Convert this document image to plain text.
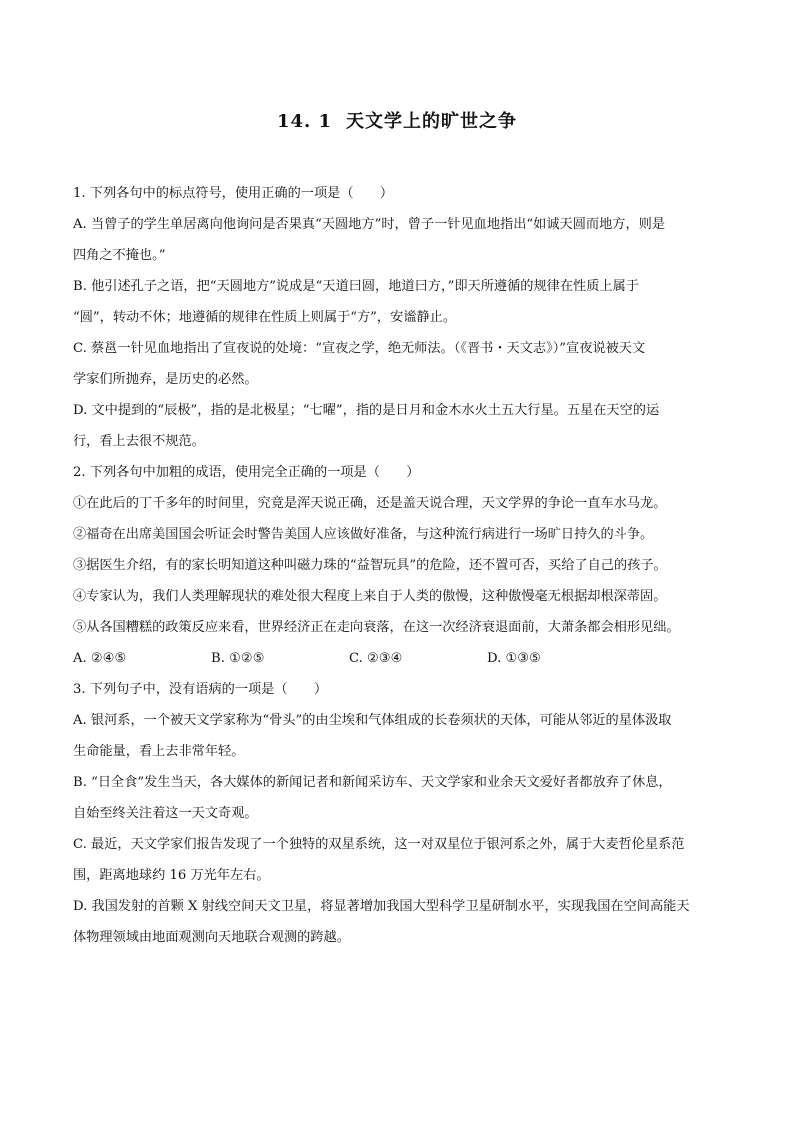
14. 1 天文学上的旷世之争
1. 下列各句中的标点符号，使用正确的一项是（　　）
A. 当曾子的学生单居离向他询问是否果真“天圆地方”时，曾子一针见血地指出“如诚天圆而地方，则是
四角之不掩也。”
B. 他引述孔子之语，把“天圆地方”说成是“天道曰圆，地道曰方，”即天所遵循的规律在性质上属于
“圆”，转动不休；地遵循的规律在性质上则属于“方”，安谧静止。
C. 蔡邕一针见血地指出了宣夜说的处境：“宣夜之学，绝无师法。（《晋书・天文志》）”宣夜说被天文
学家们所抛弃，是历史的必然。
D. 文中提到的“辰极”，指的是北极星；“七曜”，指的是日月和金木水火土五大行星。五星在天空的运
行，看上去很不规范。
2. 下列各句中加粗的成语，使用完全正确的一项是（　　）
①在此后的丁千多年的时间里，究竟是浑天说正确，还是盖天说合理，天文学界的争论一直车水马龙。
②福奇在出席美国国会听证会时警告美国人应该做好准备，与这种流行病进行一场旷日持久的斗争。
③据医生介绍，有的家长明知道这种叫磁力珠的“益智玩具”的危险，还不置可否，买给了自己的孩子。
④专家认为，我们人类理解现状的难处很大程度上来自于人类的傲慢，这种傲慢毫无根据却根深蒂固。
⑤从各国糟糕的政策反应来看，世界经济正在走向衰落，在这一次经济衰退面前，大萧条都会相形见绌。
A. ②④⑤	B. ①②⑤	C. ②③④	D. ①③⑤
3. 下列句子中，没有语病的一项是（　　）
A. 银河系，一个被天文学家称为“骨头”的由尘埃和气体组成的长卷须状的天体，可能从邻近的星体汲取
生命能量，看上去非常年轻。
B. “日全食”发生当天，各大媒体的新闻记者和新闻采访车、天文学家和业余天文爱好者都放弃了休息，
自始至终关注着这一天文奇观。
C. 最近，天文学家们报告发现了一个独特的双星系统，这一对双星位于银河系之外，属于大麦哲伦星系范
围，距离地球约 16 万光年左右。
D. 我国发射的首颗 X 射线空间天文卫星，将显著增加我国大型科学卫星研制水平，实现我国在空间高能天
体物理领域由地面观测向天地联合观测的跨越。
